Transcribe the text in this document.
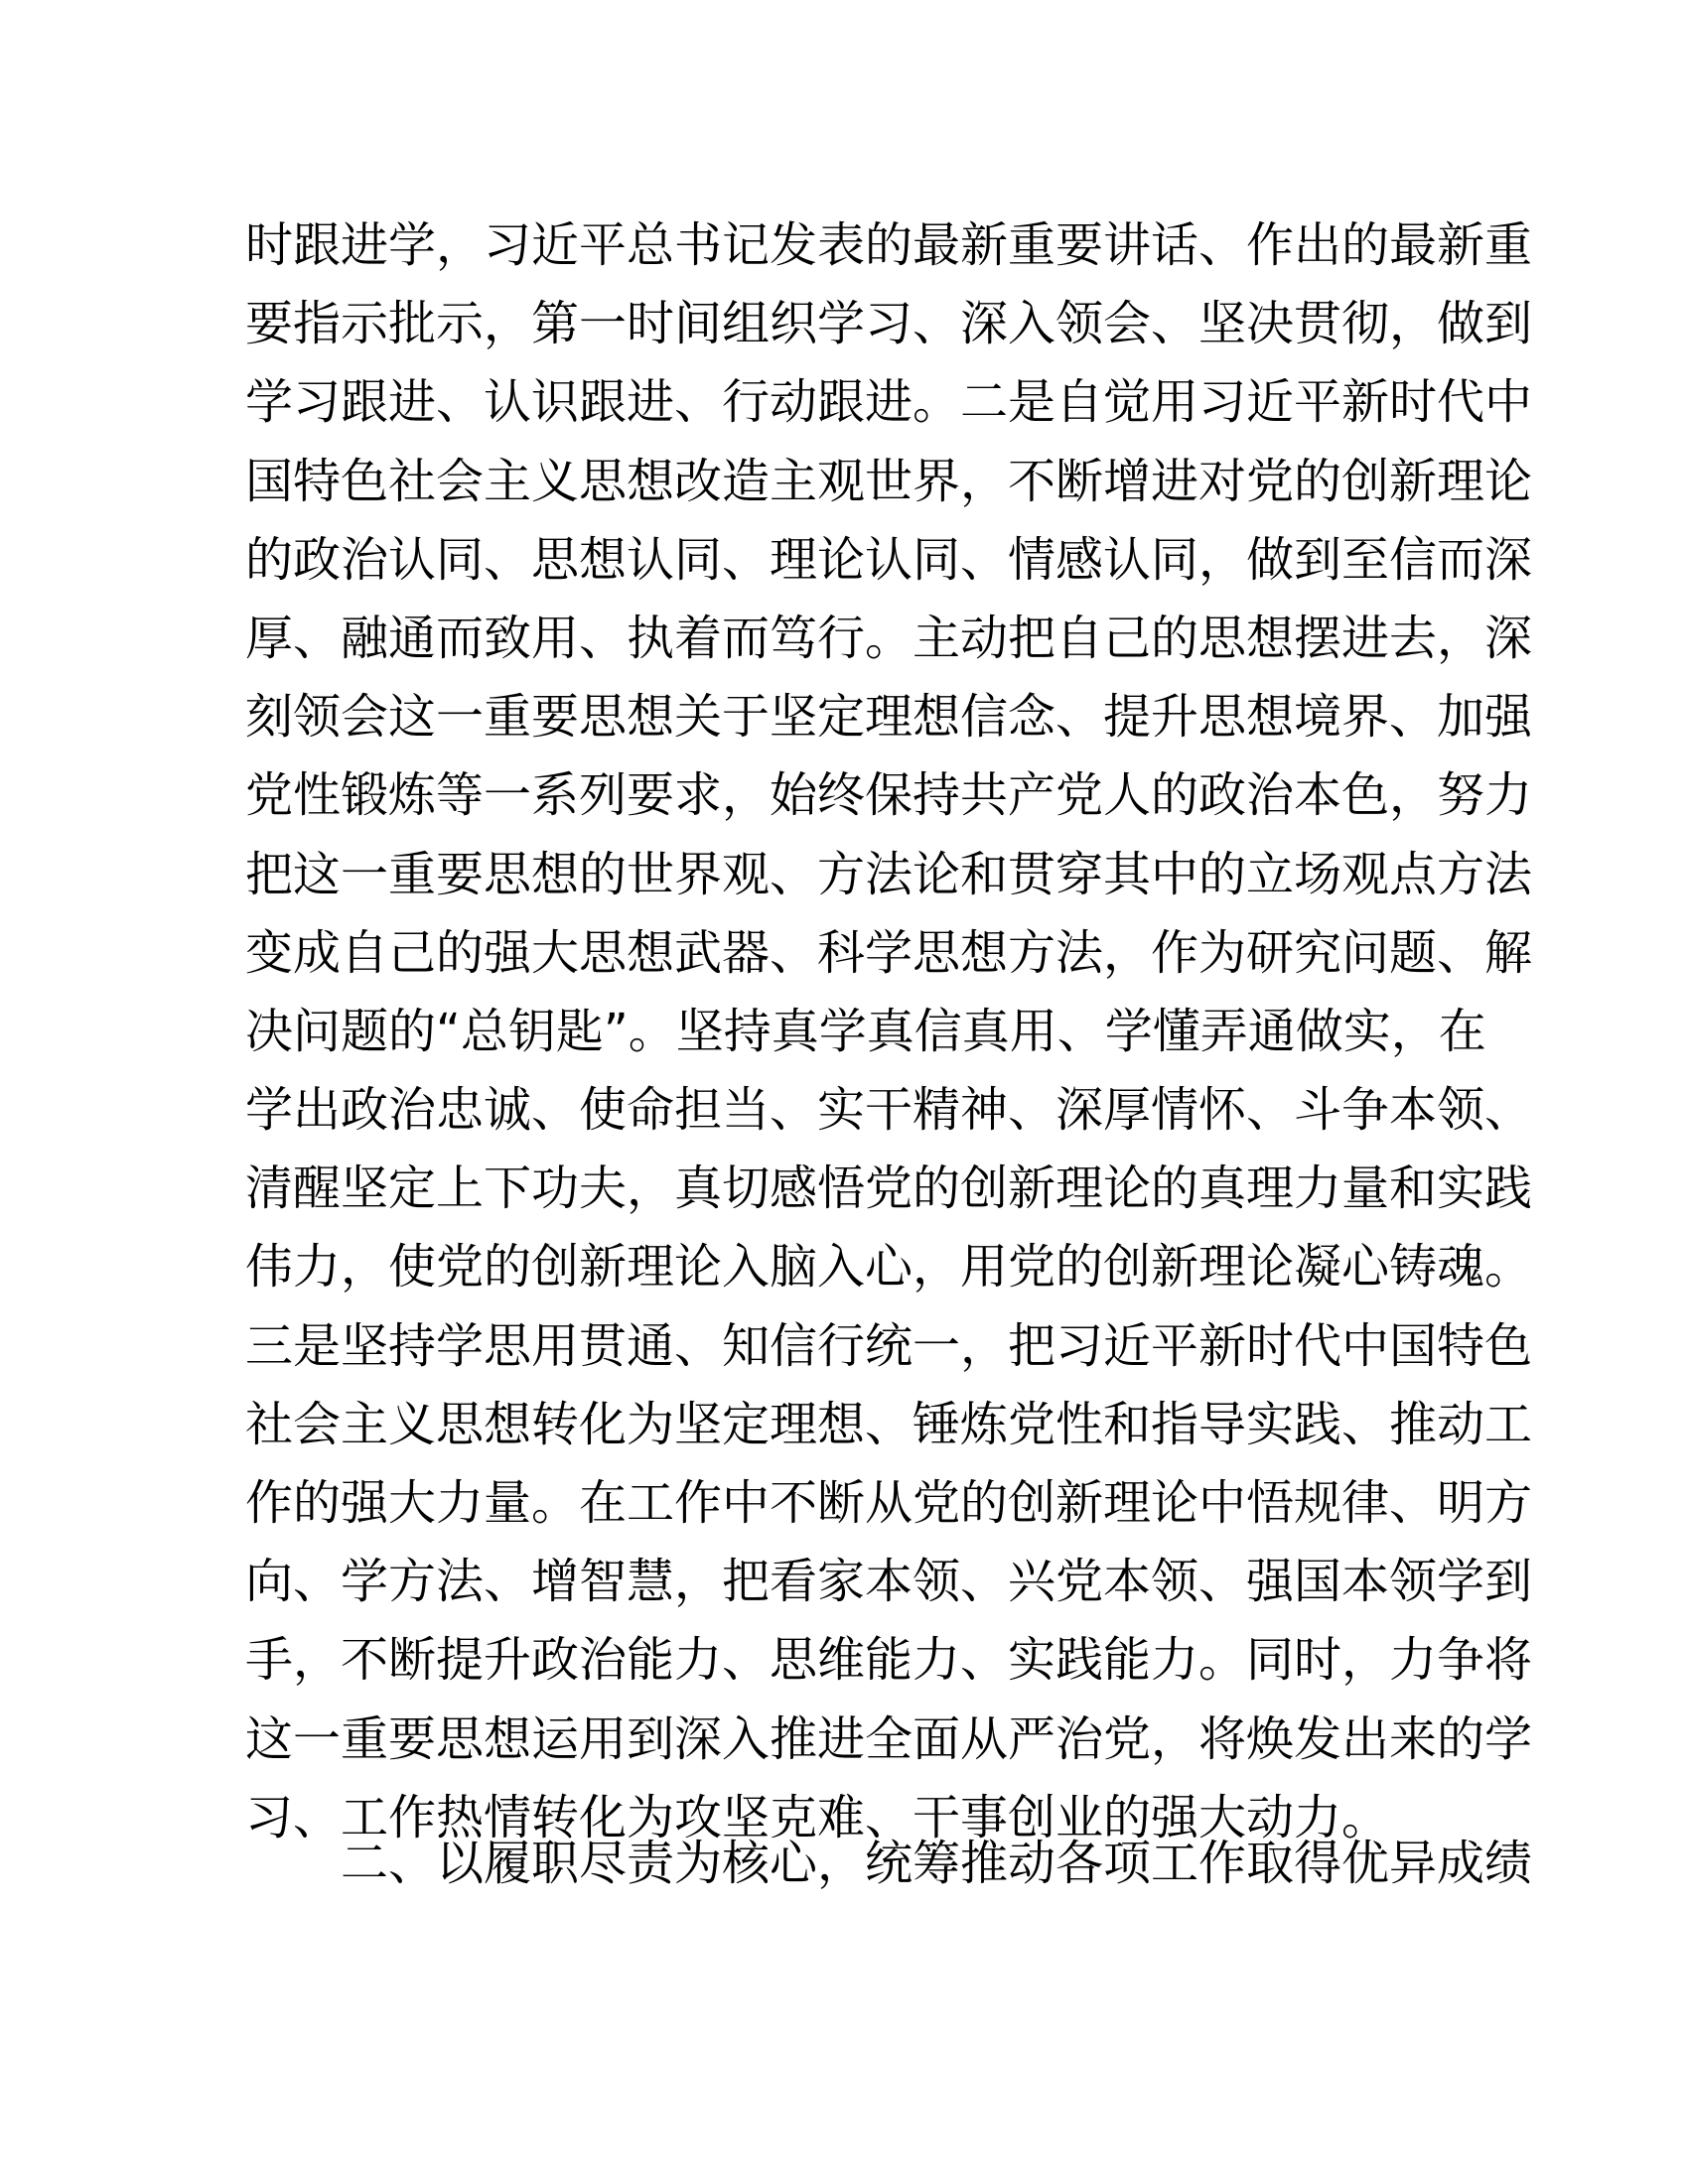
时跟进学，习近平总书记发表的最新重要讲话、作出的最新重
要指示批示，第一时间组织学习、深入领会、坚决贯彻，做到
学习跟进、认识跟进、行动跟进。二是自觉用习近平新时代中
国特色社会主义思想改造主观世界，不断增进对党的创新理论
的政治认同、思想认同、理论认同、情感认同，做到至信而深
厚、融通而致用、执着而笃行。主动把自己的思想摆进去，深
刻领会这一重要思想关于坚定理想信念、提升思想境界、加强
党性锻炼等一系列要求，始终保持共产党人的政治本色，努力
把这一重要思想的世界观、方法论和贯穿其中的立场观点方法
变成自己的强大思想武器、科学思想方法，作为研究问题、解
决问题的“总钥匙”。坚持真学真信真用、学懂弄通做实，在
学出政治忠诚、使命担当、实干精神、深厚情怀、斗争本领、
清醒坚定上下功夫，真切感悟党的创新理论的真理力量和实践
伟力，使党的创新理论入脑入心，用党的创新理论凝心铸魂。
三是坚持学思用贯通、知信行统一，把习近平新时代中国特色
社会主义思想转化为坚定理想、锤炼党性和指导实践、推动工
作的强大力量。在工作中不断从党的创新理论中悟规律、明方
向、学方法、增智慧，把看家本领、兴党本领、强国本领学到
手，不断提升政治能力、思维能力、实践能力。同时，力争将
这一重要思想运用到深入推进全面从严治党，将焕发出来的学
习、工作热情转化为攻坚克难、干事创业的强大动力。
二、以履职尽责为核心，统筹推动各项工作取得优异成绩
